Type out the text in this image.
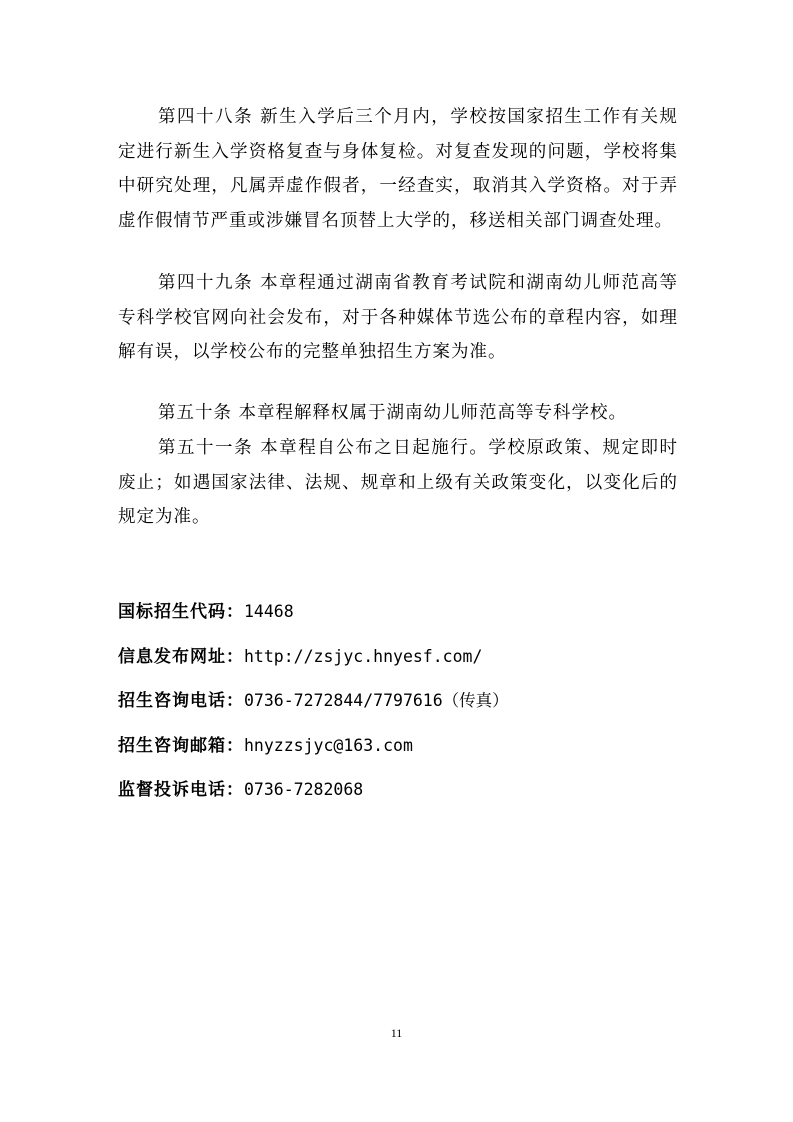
第四十八条 新生入学后三个月内，学校按国家招生工作有关规定进行新生入学资格复查与身体复检。对复查发现的问题，学校将集中研究处理，凡属弄虚作假者，一经查实，取消其入学资格。对于弄虚作假情节严重或涉嫌冒名顶替上大学的，移送相关部门调查处理。

第四十九条 本章程通过湖南省教育考试院和湖南幼儿师范高等专科学校官网向社会发布，对于各种媒体节选公布的章程内容，如理解有误，以学校公布的完整单独招生方案为准。

第五十条 本章程解释权属于湖南幼儿师范高等专科学校。

第五十一条 本章程自公布之日起施行。学校原政策、规定即时废止；如遇国家法律、法规、规章和上级有关政策变化，以变化后的规定为准。

国标招生代码：14468
信息发布网址：http://zsjyc.hnyesf.com/
招生咨询电话：0736-7272844/7797616（传真）
招生咨询邮箱：hnyzzsjyc@163.com
监督投诉电话：0736-7282068
11
